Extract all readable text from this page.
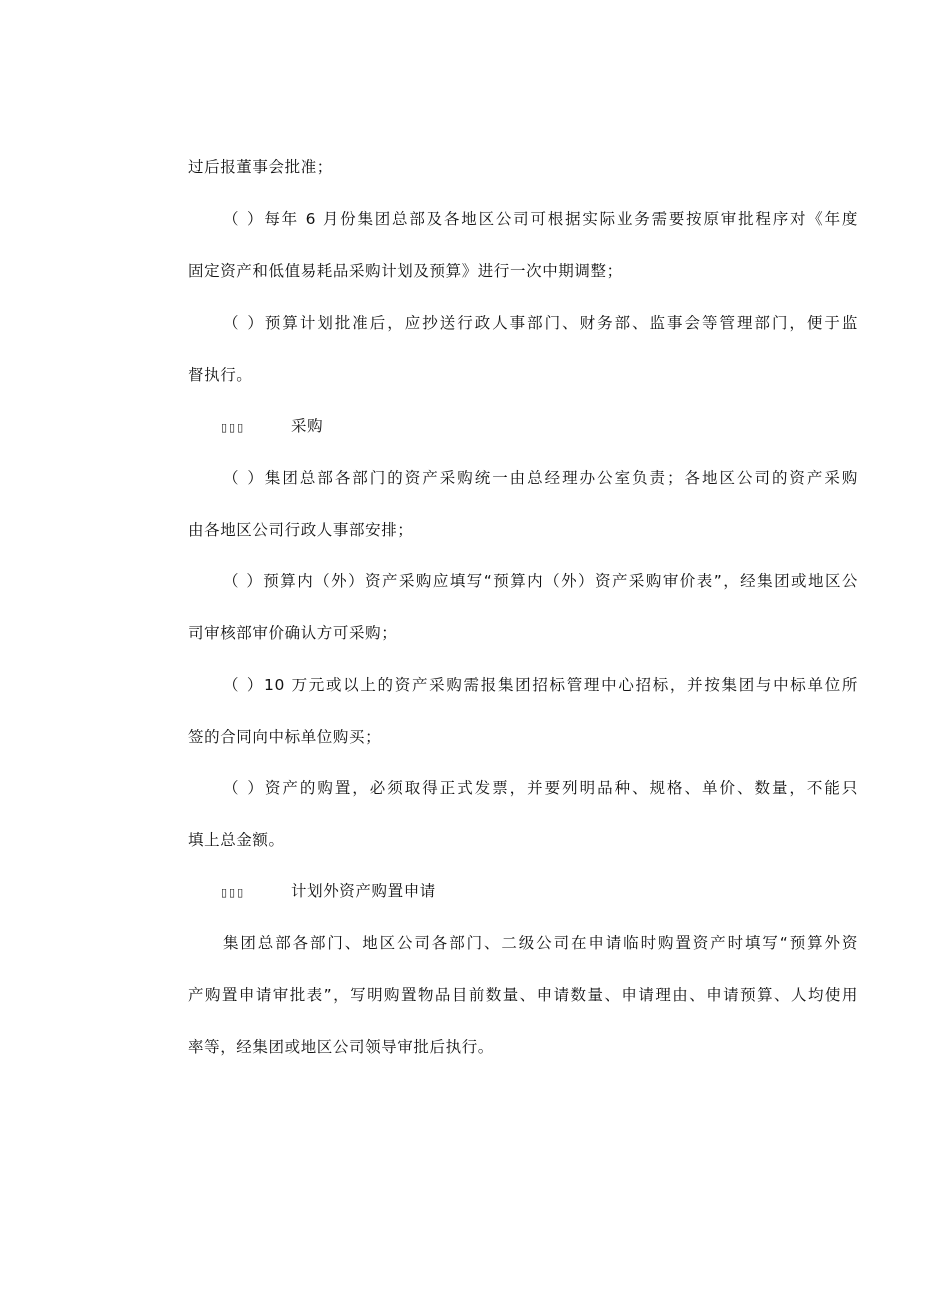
过后报董事会批准；
（ ）每年 6 月份集团总部及各地区公司可根据实际业务需要按原审批程序对《年度
固定资产和低值易耗品采购计划及预算》进行一次中期调整；
（ ）预算计划批准后，应抄送行政人事部门、财务部、监事会等管理部门，便于监
督执行。
▯▯▯	采购
（ ）集团总部各部门的资产采购统一由总经理办公室负责；各地区公司的资产采购
由各地区公司行政人事部安排；
（ ）预算内（外）资产采购应填写“预算内（外）资产采购审价表”，经集团或地区公
司审核部审价确认方可采购；
（ ）10 万元或以上的资产采购需报集团招标管理中心招标，并按集团与中标单位所
签的合同向中标单位购买；
（ ）资产的购置，必须取得正式发票，并要列明品种、规格、单价、数量，不能只
填上总金额。
▯▯▯	计划外资产购置申请
集团总部各部门、地区公司各部门、二级公司在申请临时购置资产时填写“预算外资
产购置申请审批表”，写明购置物品目前数量、申请数量、申请理由、申请预算、人均使用
率等，经集团或地区公司领导审批后执行。
